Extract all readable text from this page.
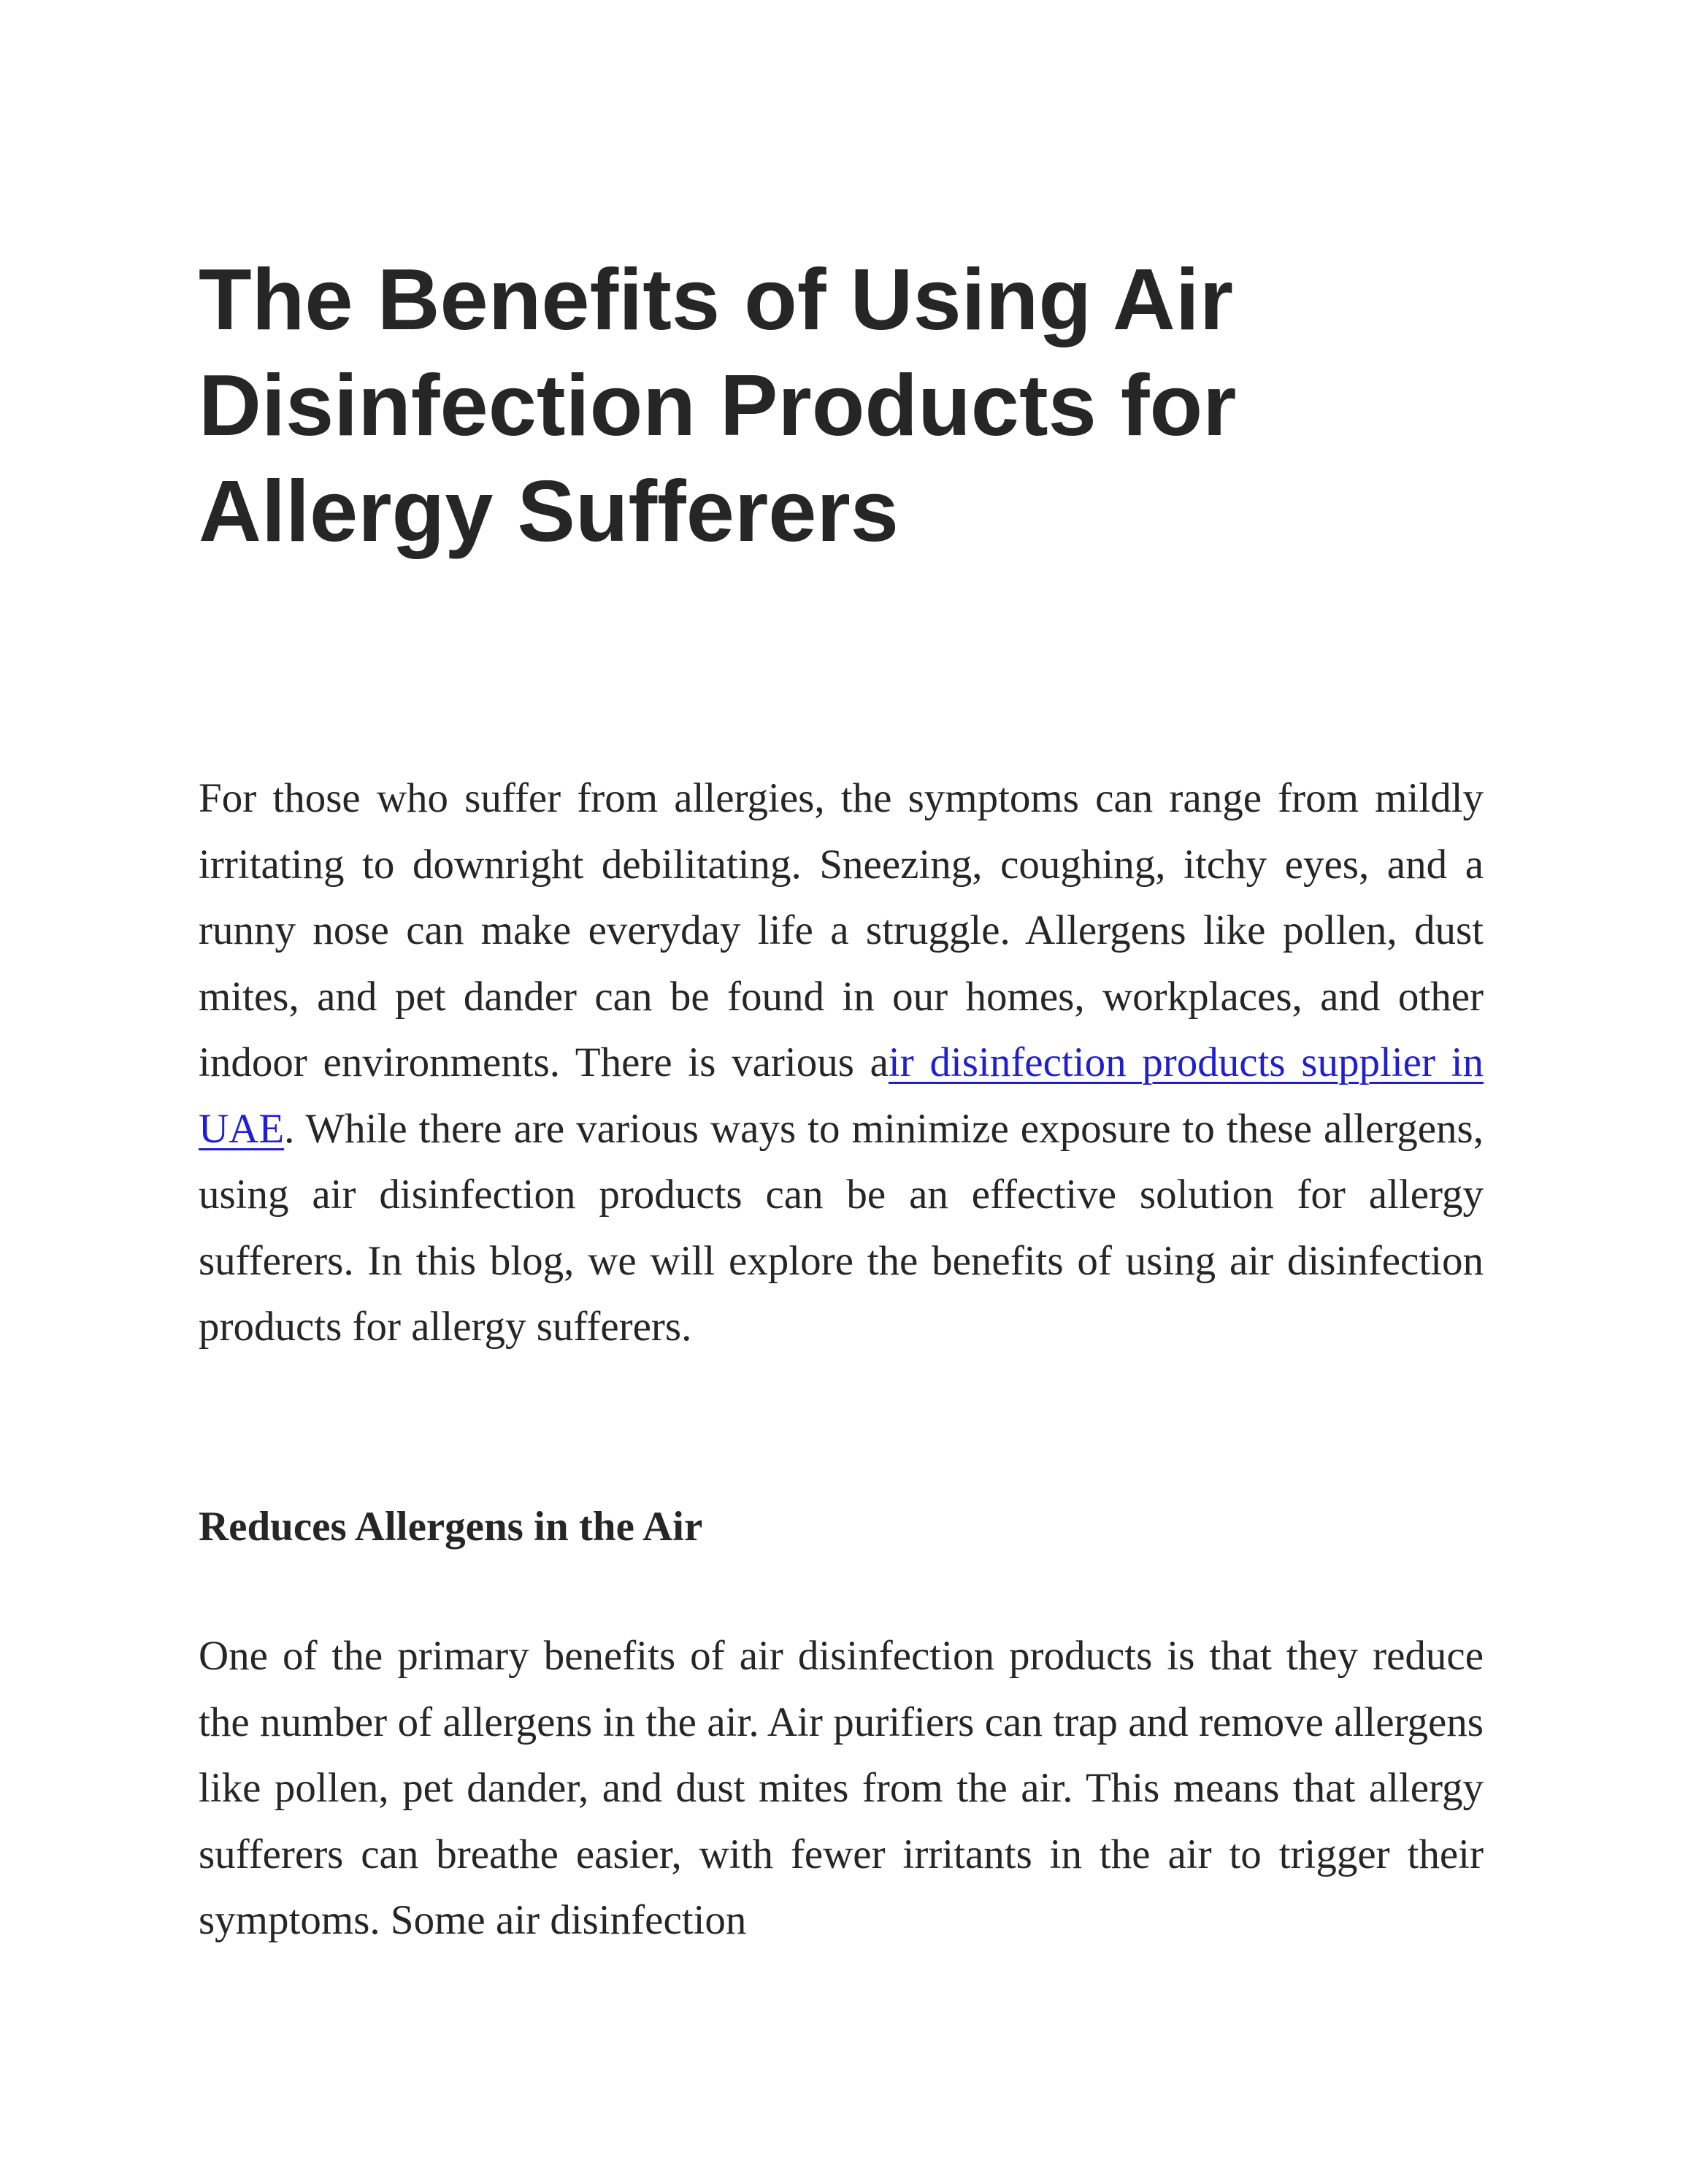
The Benefits of Using Air
Disinfection Products for
Allergy Sufferers

For those who suffer from allergies, the symptoms can range from mildly irritating to downright debilitating. Sneezing, coughing, itchy eyes, and a runny nose can make everyday life a struggle. Allergens like pollen, dust mites, and pet dander can be found in our homes, workplaces, and other indoor environments. There is various air disinfection products supplier in UAE. While there are various ways to minimize exposure to these allergens, using air disinfection products can be an effective solution for allergy sufferers. In this blog, we will explore the benefits of using air disinfection products for allergy sufferers.

Reduces Allergens in the Air

One of the primary benefits of air disinfection products is that they reduce the number of allergens in the air. Air purifiers can trap and remove allergens like pollen, pet dander, and dust mites from the air. This means that allergy sufferers can breathe easier, with fewer irritants in the air to trigger their symptoms. Some air disinfection
